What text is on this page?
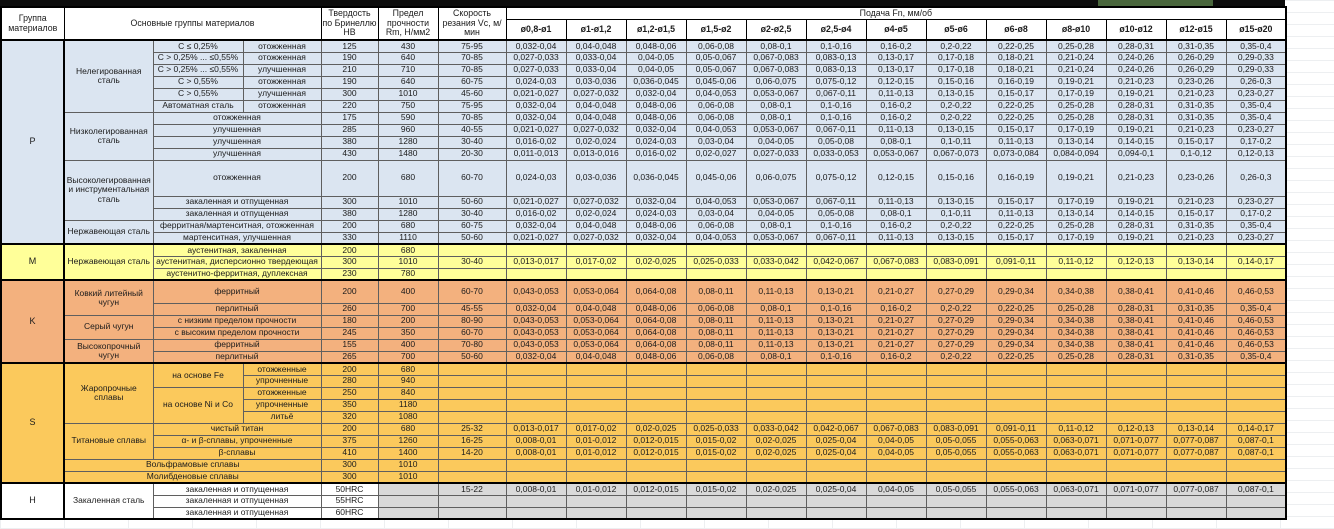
Группа материалов	Основные группы материалов			Твердость по Бринеллю HB	Предел прочности Rm, Н/мм2	Скорость резания Vc, м/мин	Подача Fn, мм/об												
							ø0,8-ø1	ø1-ø1,2	ø1,2-ø1,5	ø1,5-ø2	ø2-ø2,5	ø2,5-ø4	ø4-ø5	ø5-ø6	ø6-ø8	ø8-ø10	ø10-ø12	ø12-ø15	ø15-ø20
P	Нелегированная сталь	С ≤ 0,25%	отожженная	125	430	75-95	0,032-0,04	0,04-0,048	0,048-0,06	0,06-0,08	0,08-0,1	0,1-0,16	0,16-0,2	0,2-0,22	0,22-0,25	0,25-0,28	0,28-0,31	0,31-0,35	0,35-0,4
		С > 0,25% ... ≤0,55%	отожженная	190	640	70-85	0,027-0,033	0,033-0,04	0,04-0,05	0,05-0,067	0,067-0,083	0,083-0,13	0,13-0,17	0,17-0,18	0,18-0,21	0,21-0,24	0,24-0,26	0,26-0,29	0,29-0,33
		С > 0,25% ... ≤0,55%	улучшенная	210	710	70-85	0,027-0,033	0,033-0,04	0,04-0,05	0,05-0,067	0,067-0,083	0,083-0,13	0,13-0,17	0,17-0,18	0,18-0,21	0,21-0,24	0,24-0,26	0,26-0,29	0,29-0,33
		С > 0,55%	отожженная	190	640	60-75	0,024-0,03	0,03-0,036	0,036-0,045	0,045-0,06	0,06-0,075	0,075-0,12	0,12-0,15	0,15-0,16	0,16-0,19	0,19-0,21	0,21-0,23	0,23-0,26	0,26-0,3
		С > 0,55%	улучшенная	300	1010	45-60	0,021-0,027	0,027-0,032	0,032-0,04	0,04-0,053	0,053-0,067	0,067-0,11	0,11-0,13	0,13-0,15	0,15-0,17	0,17-0,19	0,19-0,21	0,21-0,23	0,23-0,27
		Автоматная сталь	отожженная	220	750	75-95	0,032-0,04	0,04-0,048	0,048-0,06	0,06-0,08	0,08-0,1	0,1-0,16	0,16-0,2	0,2-0,22	0,22-0,25	0,25-0,28	0,28-0,31	0,31-0,35	0,35-0,4
	Низколегированная сталь	отожженная		175	590	70-85	0,032-0,04	0,04-0,048	0,048-0,06	0,06-0,08	0,08-0,1	0,1-0,16	0,16-0,2	0,2-0,22	0,22-0,25	0,25-0,28	0,28-0,31	0,31-0,35	0,35-0,4
		улучшенная		285	960	40-55	0,021-0,027	0,027-0,032	0,032-0,04	0,04-0,053	0,053-0,067	0,067-0,11	0,11-0,13	0,13-0,15	0,15-0,17	0,17-0,19	0,19-0,21	0,21-0,23	0,23-0,27
		улучшенная		380	1280	30-40	0,016-0,02	0,02-0,024	0,024-0,03	0,03-0,04	0,04-0,05	0,05-0,08	0,08-0,1	0,1-0,11	0,11-0,13	0,13-0,14	0,14-0,15	0,15-0,17	0,17-0,2
		улучшенная		430	1480	20-30	0,011-0,013	0,013-0,016	0,016-0,02	0,02-0,027	0,027-0,033	0,033-0,053	0,053-0,067	0,067-0,073	0,073-0,084	0,084-0,094	0,094-0,1	0,1-0,12	0,12-0,13
	Высоколегированная и инструментальная сталь	отожженная		200	680	60-70	0,024-0,03	0,03-0,036	0,036-0,045	0,045-0,06	0,06-0,075	0,075-0,12	0,12-0,15	0,15-0,16	0,16-0,19	0,19-0,21	0,21-0,23	0,23-0,26	0,26-0,3
		закаленная и отпущенная		300	1010	50-60	0,021-0,027	0,027-0,032	0,032-0,04	0,04-0,053	0,053-0,067	0,067-0,11	0,11-0,13	0,13-0,15	0,15-0,17	0,17-0,19	0,19-0,21	0,21-0,23	0,23-0,27
		закаленная и отпущенная		380	1280	30-40	0,016-0,02	0,02-0,024	0,024-0,03	0,03-0,04	0,04-0,05	0,05-0,08	0,08-0,1	0,1-0,11	0,11-0,13	0,13-0,14	0,14-0,15	0,15-0,17	0,17-0,2
	Нержавеющая сталь	ферритная/мартенситная, отожженная		200	680	60-75	0,032-0,04	0,04-0,048	0,048-0,06	0,06-0,08	0,08-0,1	0,1-0,16	0,16-0,2	0,2-0,22	0,22-0,25	0,25-0,28	0,28-0,31	0,31-0,35	0,35-0,4
		мартенситная, улучшенная		330	1110	50-60	0,021-0,027	0,027-0,032	0,032-0,04	0,04-0,053	0,053-0,067	0,067-0,11	0,11-0,13	0,13-0,15	0,15-0,17	0,17-0,19	0,19-0,21	0,21-0,23	0,23-0,27
M	Нержавеющая сталь	аустенитная, закаленная		200	680														
		аустенитная, дисперсионно твердеющая		300	1010	30-40	0,013-0,017	0,017-0,02	0,02-0,025	0,025-0,033	0,033-0,042	0,042-0,067	0,067-0,083	0,083-0,091	0,091-0,11	0,11-0,12	0,12-0,13	0,13-0,14	0,14-0,17
		аустенитно-ферритная, дуплексная		230	780														
K	Ковкий литейный чугун	ферритный		200	400	60-70	0,043-0,053	0,053-0,064	0,064-0,08	0,08-0,11	0,11-0,13	0,13-0,21	0,21-0,27	0,27-0,29	0,29-0,34	0,34-0,38	0,38-0,41	0,41-0,46	0,46-0,53
		перлитный		260	700	45-55	0,032-0,04	0,04-0,048	0,048-0,06	0,06-0,08	0,08-0,1	0,1-0,16	0,16-0,2	0,2-0,22	0,22-0,25	0,25-0,28	0,28-0,31	0,31-0,35	0,35-0,4
	Серый чугун	с низким пределом прочности		180	200	80-90	0,043-0,053	0,053-0,064	0,064-0,08	0,08-0,11	0,11-0,13	0,13-0,21	0,21-0,27	0,27-0,29	0,29-0,34	0,34-0,38	0,38-0,41	0,41-0,46	0,46-0,53
		с высоким пределом прочности		245	350	60-70	0,043-0,053	0,053-0,064	0,064-0,08	0,08-0,11	0,11-0,13	0,13-0,21	0,21-0,27	0,27-0,29	0,29-0,34	0,34-0,38	0,38-0,41	0,41-0,46	0,46-0,53
	Высокопрочный чугун	ферритный		155	400	70-80	0,043-0,053	0,053-0,064	0,064-0,08	0,08-0,11	0,11-0,13	0,13-0,21	0,21-0,27	0,27-0,29	0,29-0,34	0,34-0,38	0,38-0,41	0,41-0,46	0,46-0,53
		перлитный		265	700	50-60	0,032-0,04	0,04-0,048	0,048-0,06	0,06-0,08	0,08-0,1	0,1-0,16	0,16-0,2	0,2-0,22	0,22-0,25	0,25-0,28	0,28-0,31	0,31-0,35	0,35-0,4
S	Жаропрочные сплавы	на основе Fe	отожженные	200	680														
			упрочненные	280	940														
		на основе Ni и Co	отожженные	250	840														
			упрочненные	350	1180														
			литьё	320	1080														
	Титановые сплавы	чистый титан		200	680	25-32	0,013-0,017	0,017-0,02	0,02-0,025	0,025-0,033	0,033-0,042	0,042-0,067	0,067-0,083	0,083-0,091	0,091-0,11	0,11-0,12	0,12-0,13	0,13-0,14	0,14-0,17
		α- и β-сплавы, упрочненные		375	1260	16-25	0,008-0,01	0,01-0,012	0,012-0,015	0,015-0,02	0,02-0,025	0,025-0,04	0,04-0,05	0,05-0,055	0,055-0,063	0,063-0,071	0,071-0,077	0,077-0,087	0,087-0,1
		β-сплавы		410	1400	14-20	0,008-0,01	0,01-0,012	0,012-0,015	0,015-0,02	0,02-0,025	0,025-0,04	0,04-0,05	0,05-0,055	0,055-0,063	0,063-0,071	0,071-0,077	0,077-0,087	0,087-0,1
	Вольфрамовые сплавы			300	1010														
	Молибденовые сплавы			300	1010														
H	Закаленная сталь	закаленная и отпущенная		50HRC		15-22	0,008-0,01	0,01-0,012	0,012-0,015	0,015-0,02	0,02-0,025	0,025-0,04	0,04-0,05	0,05-0,055	0,055-0,063	0,063-0,071	0,071-0,077	0,077-0,087	0,087-0,1
		закаленная и отпущенная		55HRC															
		закаленная и отпущенная		60HRC															
